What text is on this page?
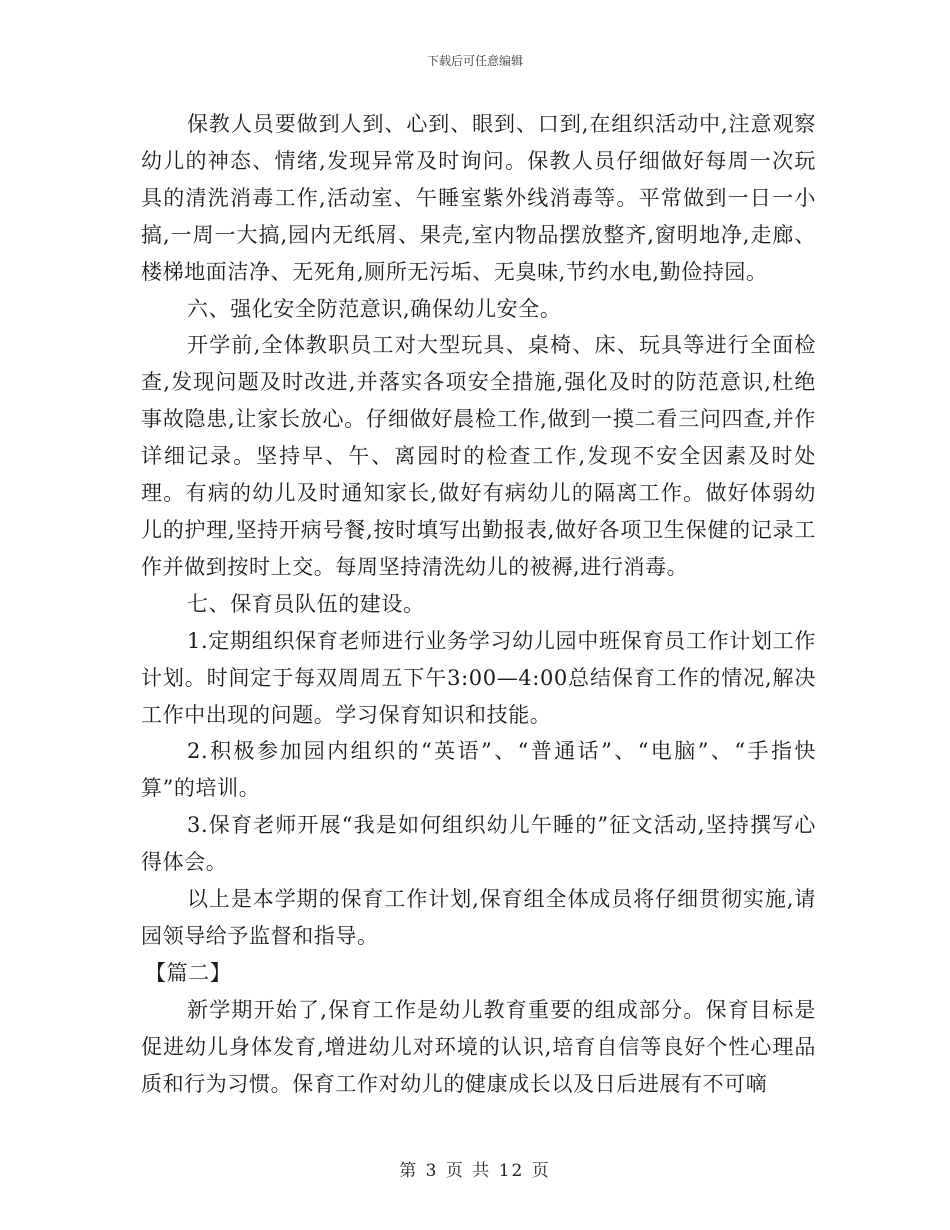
下载后可任意编辑

保教人员要做到人到、心到、眼到、口到,在组织活动中,注意观察幼儿的神态、情绪,发现异常及时询问。保教人员仔细做好每周一次玩具的清洗消毒工作,活动室、午睡室紫外线消毒等。平常做到一日一小搞,一周一大搞,园内无纸屑、果壳,室内物品摆放整齐,窗明地净,走廊、楼梯地面洁净、无死角,厕所无污垢、无臭味,节约水电,勤俭持园。

六、强化安全防范意识,确保幼儿安全。

开学前,全体教职员工对大型玩具、桌椅、床、玩具等进行全面检查,发现问题及时改进,并落实各项安全措施,强化及时的防范意识,杜绝事故隐患,让家长放心。仔细做好晨检工作,做到一摸二看三问四查,并作详细记录。坚持早、午、离园时的检查工作,发现不安全因素及时处理。有病的幼儿及时通知家长,做好有病幼儿的隔离工作。做好体弱幼儿的护理,坚持开病号餐,按时填写出勤报表,做好各项卫生保健的记录工作并做到按时上交。每周坚持清洗幼儿的被褥,进行消毒。

七、保育员队伍的建设。

1.定期组织保育老师进行业务学习幼儿园中班保育员工作计划工作计划。时间定于每双周周五下午3:00—4:00总结保育工作的情况,解决工作中出现的问题。学习保育知识和技能。

2.积极参加园内组织的“英语”、“普通话”、“电脑”、“手指快算”的培训。

3.保育老师开展“我是如何组织幼儿午睡的”征文活动,坚持撰写心得体会。

以上是本学期的保育工作计划,保育组全体成员将仔细贯彻实施,请园领导给予监督和指导。

【篇二】

新学期开始了,保育工作是幼儿教育重要的组成部分。保育目标是促进幼儿身体发育,增进幼儿对环境的认识,培育自信等良好个性心理品质和行为习惯。保育工作对幼儿的健康成长以及日后进展有不可嘀

第 3 页 共 12 页
